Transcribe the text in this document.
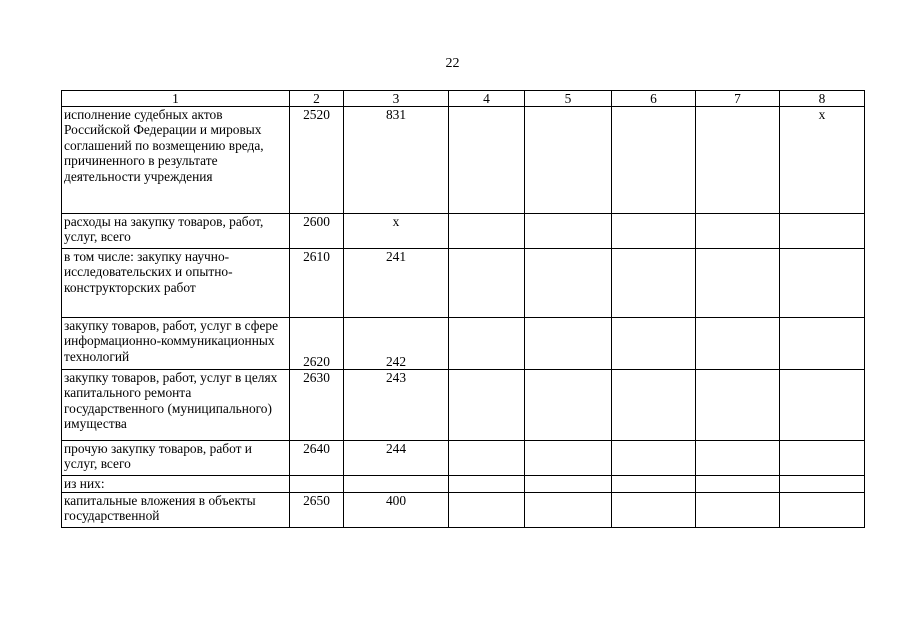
22
1	2	3	4	5	6	7	8
исполнение судебных актов Российской Федерации и мировых соглашений по возмещению вреда, причиненного в результате деятельности учреждения	2520	831					х
расходы на закупку товаров, работ, услуг, всего	2600	х					
в том числе: закупку научно-исследовательских и опытно-конструкторских работ	2610	241					
закупку товаров, работ, услуг в сфере информационно-коммуникационных технологий	2620	242					
закупку товаров, работ, услуг в целях капитального ремонта государственного (муниципального) имущества	2630	243					
прочую закупку товаров, работ и услуг, всего	2640	244					
из них:							
капитальные вложения в объекты государственной	2650	400					
